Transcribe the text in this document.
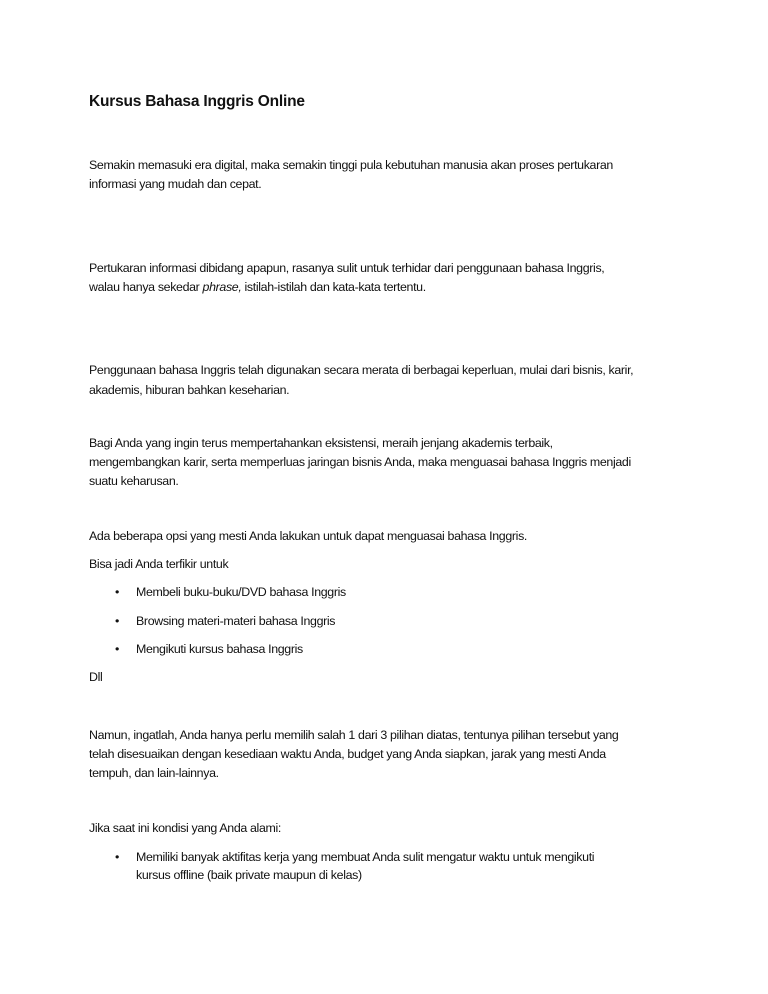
Kursus Bahasa Inggris Online

Semakin memasuki era digital, maka semakin tinggi pula kebutuhan manusia akan proses pertukaran

informasi yang mudah dan cepat.

Pertukaran informasi dibidang apapun, rasanya sulit untuk terhidar dari penggunaan bahasa Inggris,

walau hanya sekedar phrase, istilah-istilah dan kata-kata tertentu.

Penggunaan bahasa Inggris telah digunakan secara merata di berbagai keperluan, mulai dari bisnis, karir,

akademis, hiburan bahkan keseharian.

Bagi Anda yang ingin terus mempertahankan eksistensi, meraih jenjang akademis terbaik,

mengembangkan karir, serta memperluas jaringan bisnis Anda, maka menguasai bahasa Inggris menjadi

suatu keharusan.

Ada beberapa opsi yang mesti Anda lakukan untuk dapat menguasai bahasa Inggris.

Bisa jadi Anda terfikir untuk

• Membeli buku-buku/DVD bahasa Inggris
• Browsing materi-materi bahasa Inggris
• Mengikuti kursus bahasa Inggris

Dll

Namun, ingatlah, Anda hanya perlu memilih salah 1 dari 3 pilihan diatas, tentunya pilihan tersebut yang

telah disesuaikan dengan kesediaan waktu Anda, budget yang Anda siapkan, jarak yang mesti Anda

tempuh, dan lain-lainnya.

Jika saat ini kondisi yang Anda alami:

• Memiliki banyak aktifitas kerja yang membuat Anda sulit mengatur waktu untuk mengikuti
kursus offline (baik private maupun di kelas)
